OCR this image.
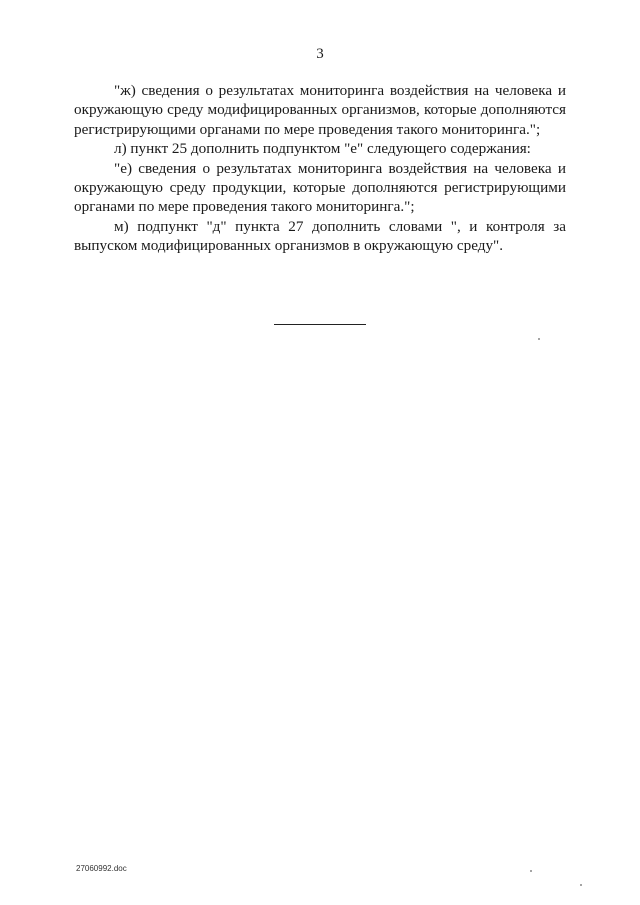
3

"ж) сведения о результатах мониторинга воздействия на человека и окружающую среду модифицированных организмов, которые дополняются регистрирующими органами по мере проведения такого мониторинга.";

л) пункт 25 дополнить подпунктом "е" следующего содержания:

"е) сведения о результатах мониторинга воздействия на человека и окружающую среду продукции, которые дополняются регистрирующими органами по мере проведения такого мониторинга.";

м) подпункт "д" пункта 27 дополнить словами ", и контроля за выпуском модифицированных организмов в окружающую среду".

27060992.doc
